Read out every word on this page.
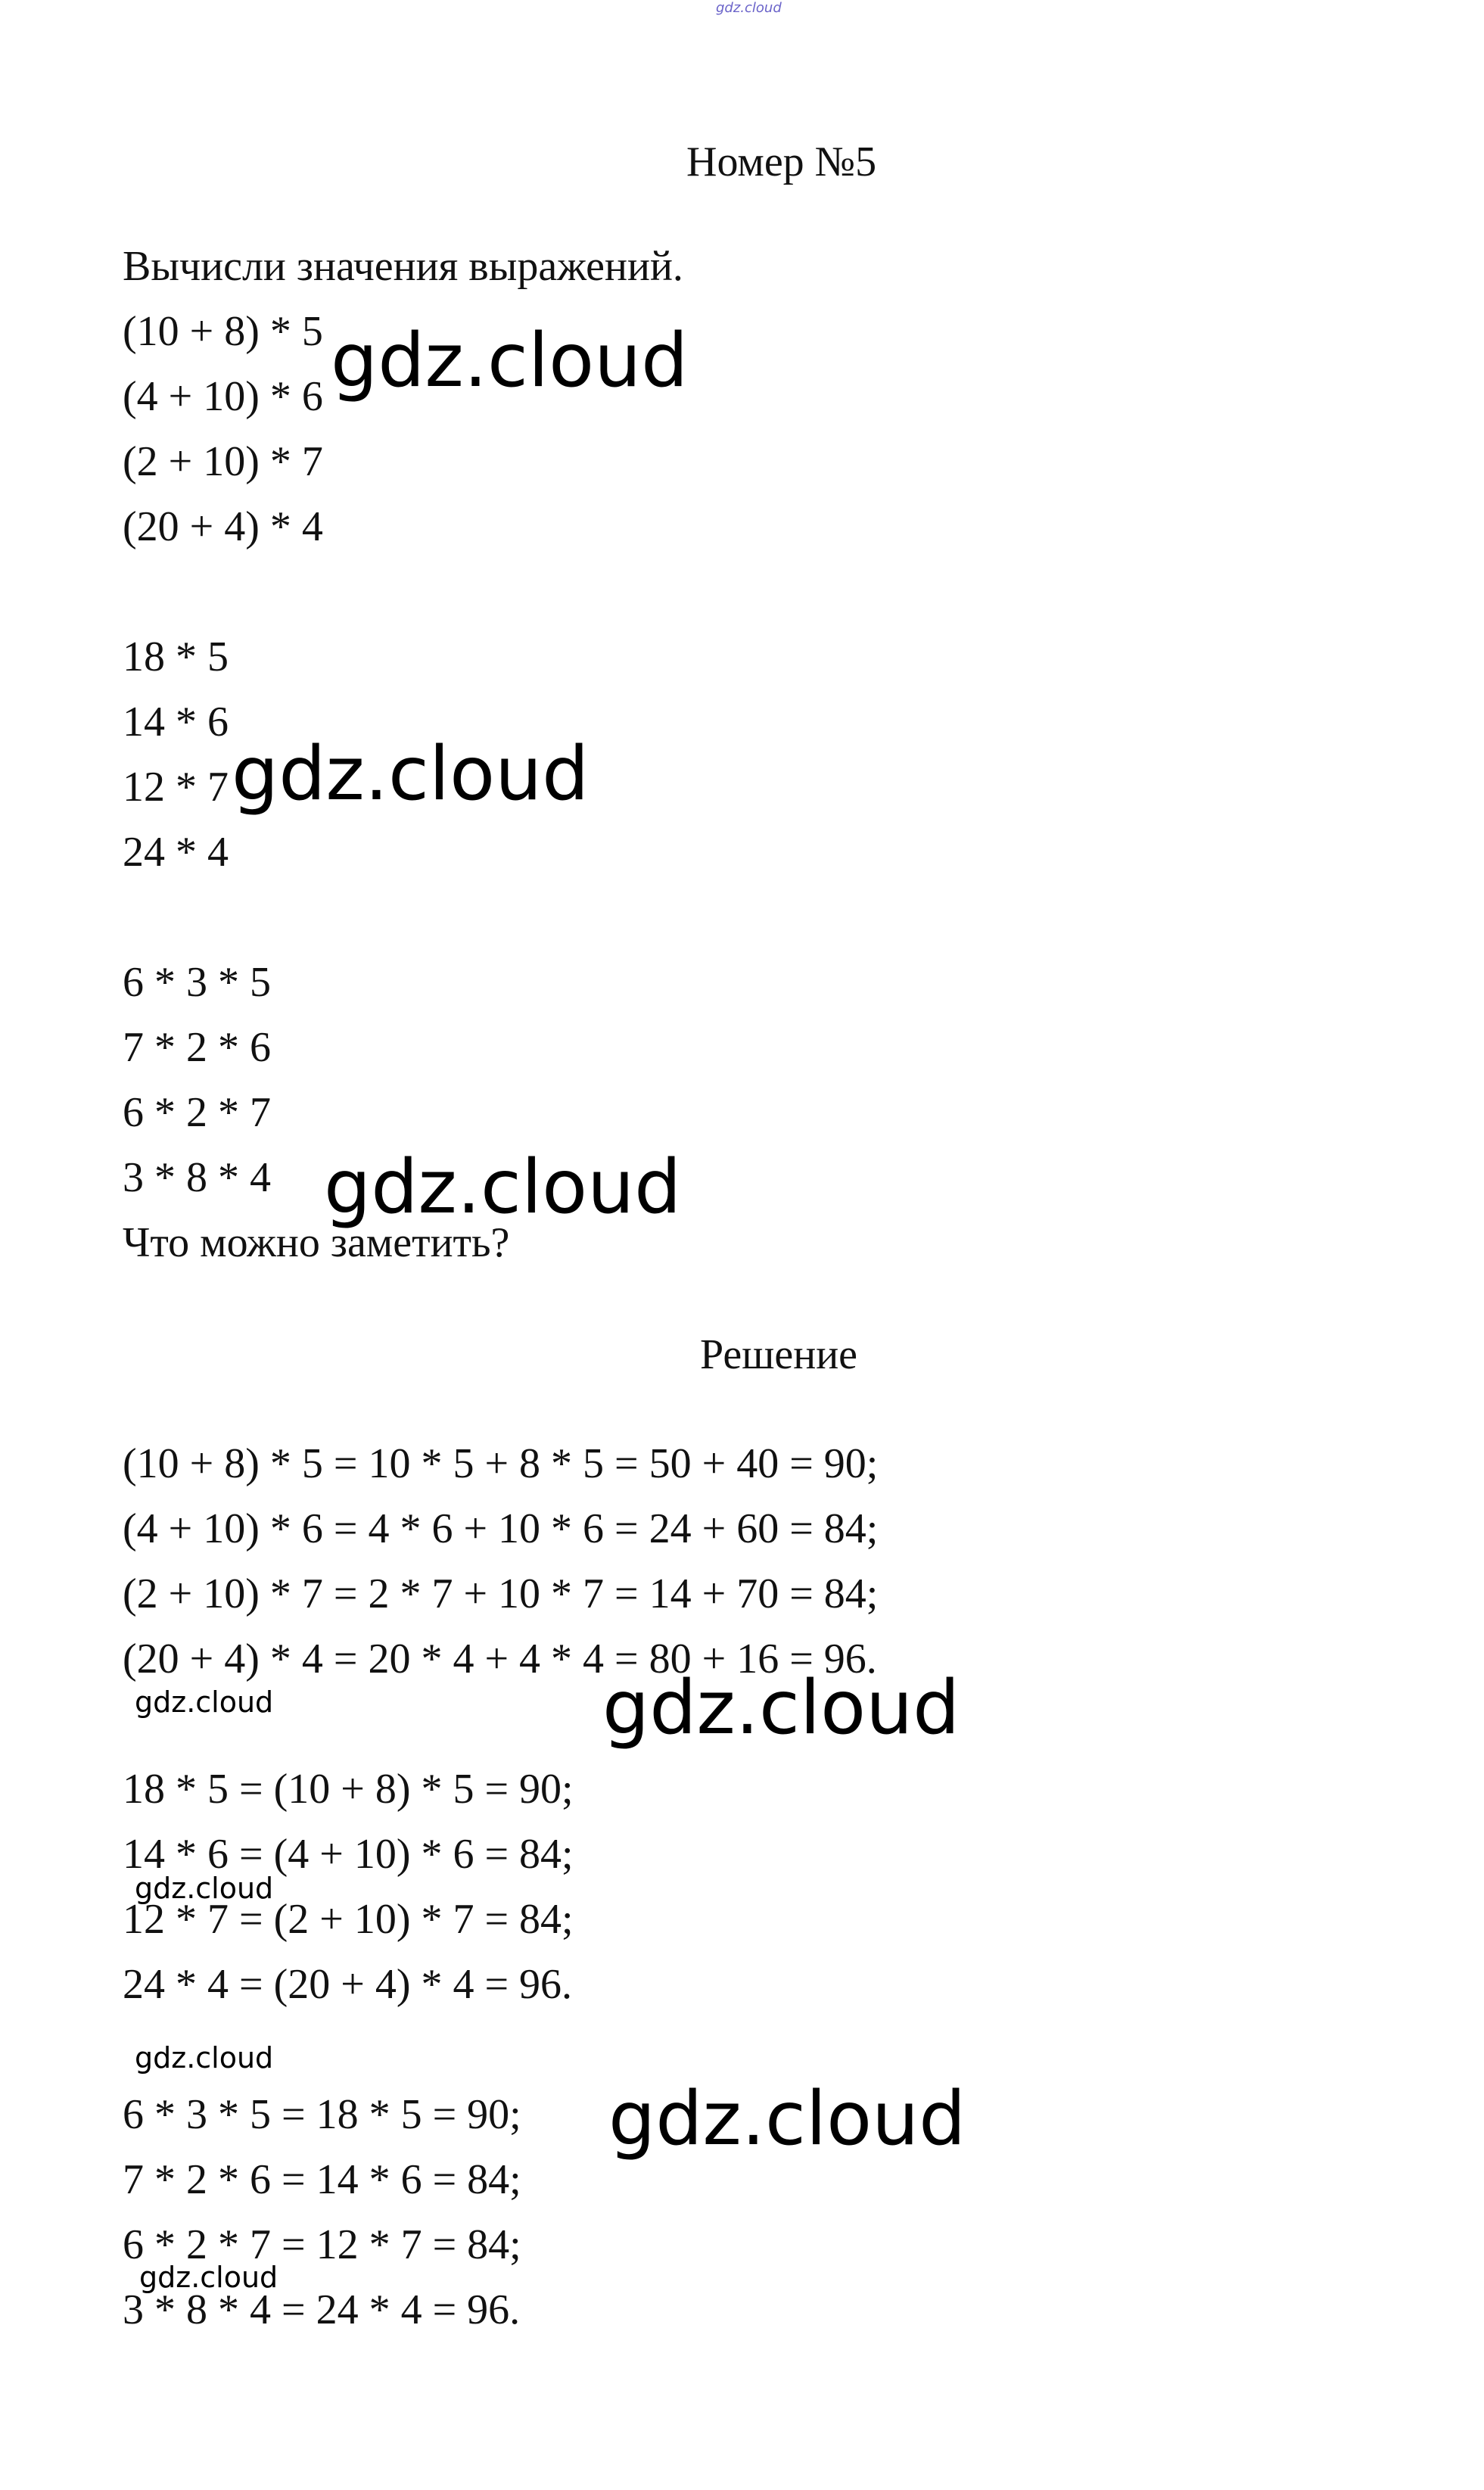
gdz.cloud
Номер №5
Вычисли значения выражений.
(10 + 8) * 5
(4 + 10) * 6
(2 + 10) * 7
(20 + 4) * 4
18 * 5
14 * 6
12 * 7
24 * 4
6 * 3 * 5
7 * 2 * 6
6 * 2 * 7
3 * 8 * 4
Что можно заметить?
Решение
(10 + 8) * 5 = 10 * 5 + 8 * 5 = 50 + 40 = 90;
(4 + 10) * 6 = 4 * 6 + 10 * 6 = 24 + 60 = 84;
(2 + 10) * 7 = 2 * 7 + 10 * 7 = 14 + 70 = 84;
(20 + 4) * 4 = 20 * 4 + 4 * 4 = 80 + 16 = 96.
18 * 5 = (10 + 8) * 5 = 90;
14 * 6 = (4 + 10) * 6 = 84;
12 * 7 = (2 + 10) * 7 = 84;
24 * 4 = (20 + 4) * 4 = 96.
6 * 3 * 5 = 18 * 5 = 90;
7 * 2 * 6 = 14 * 6 = 84;
6 * 2 * 7 = 12 * 7 = 84;
3 * 8 * 4 = 24 * 4 = 96.
gdz.cloud
gdz.cloud
gdz.cloud
gdz.cloud
gdz.cloud
gdz.cloud
gdz.cloud
gdz.cloud
gdz.cloud
